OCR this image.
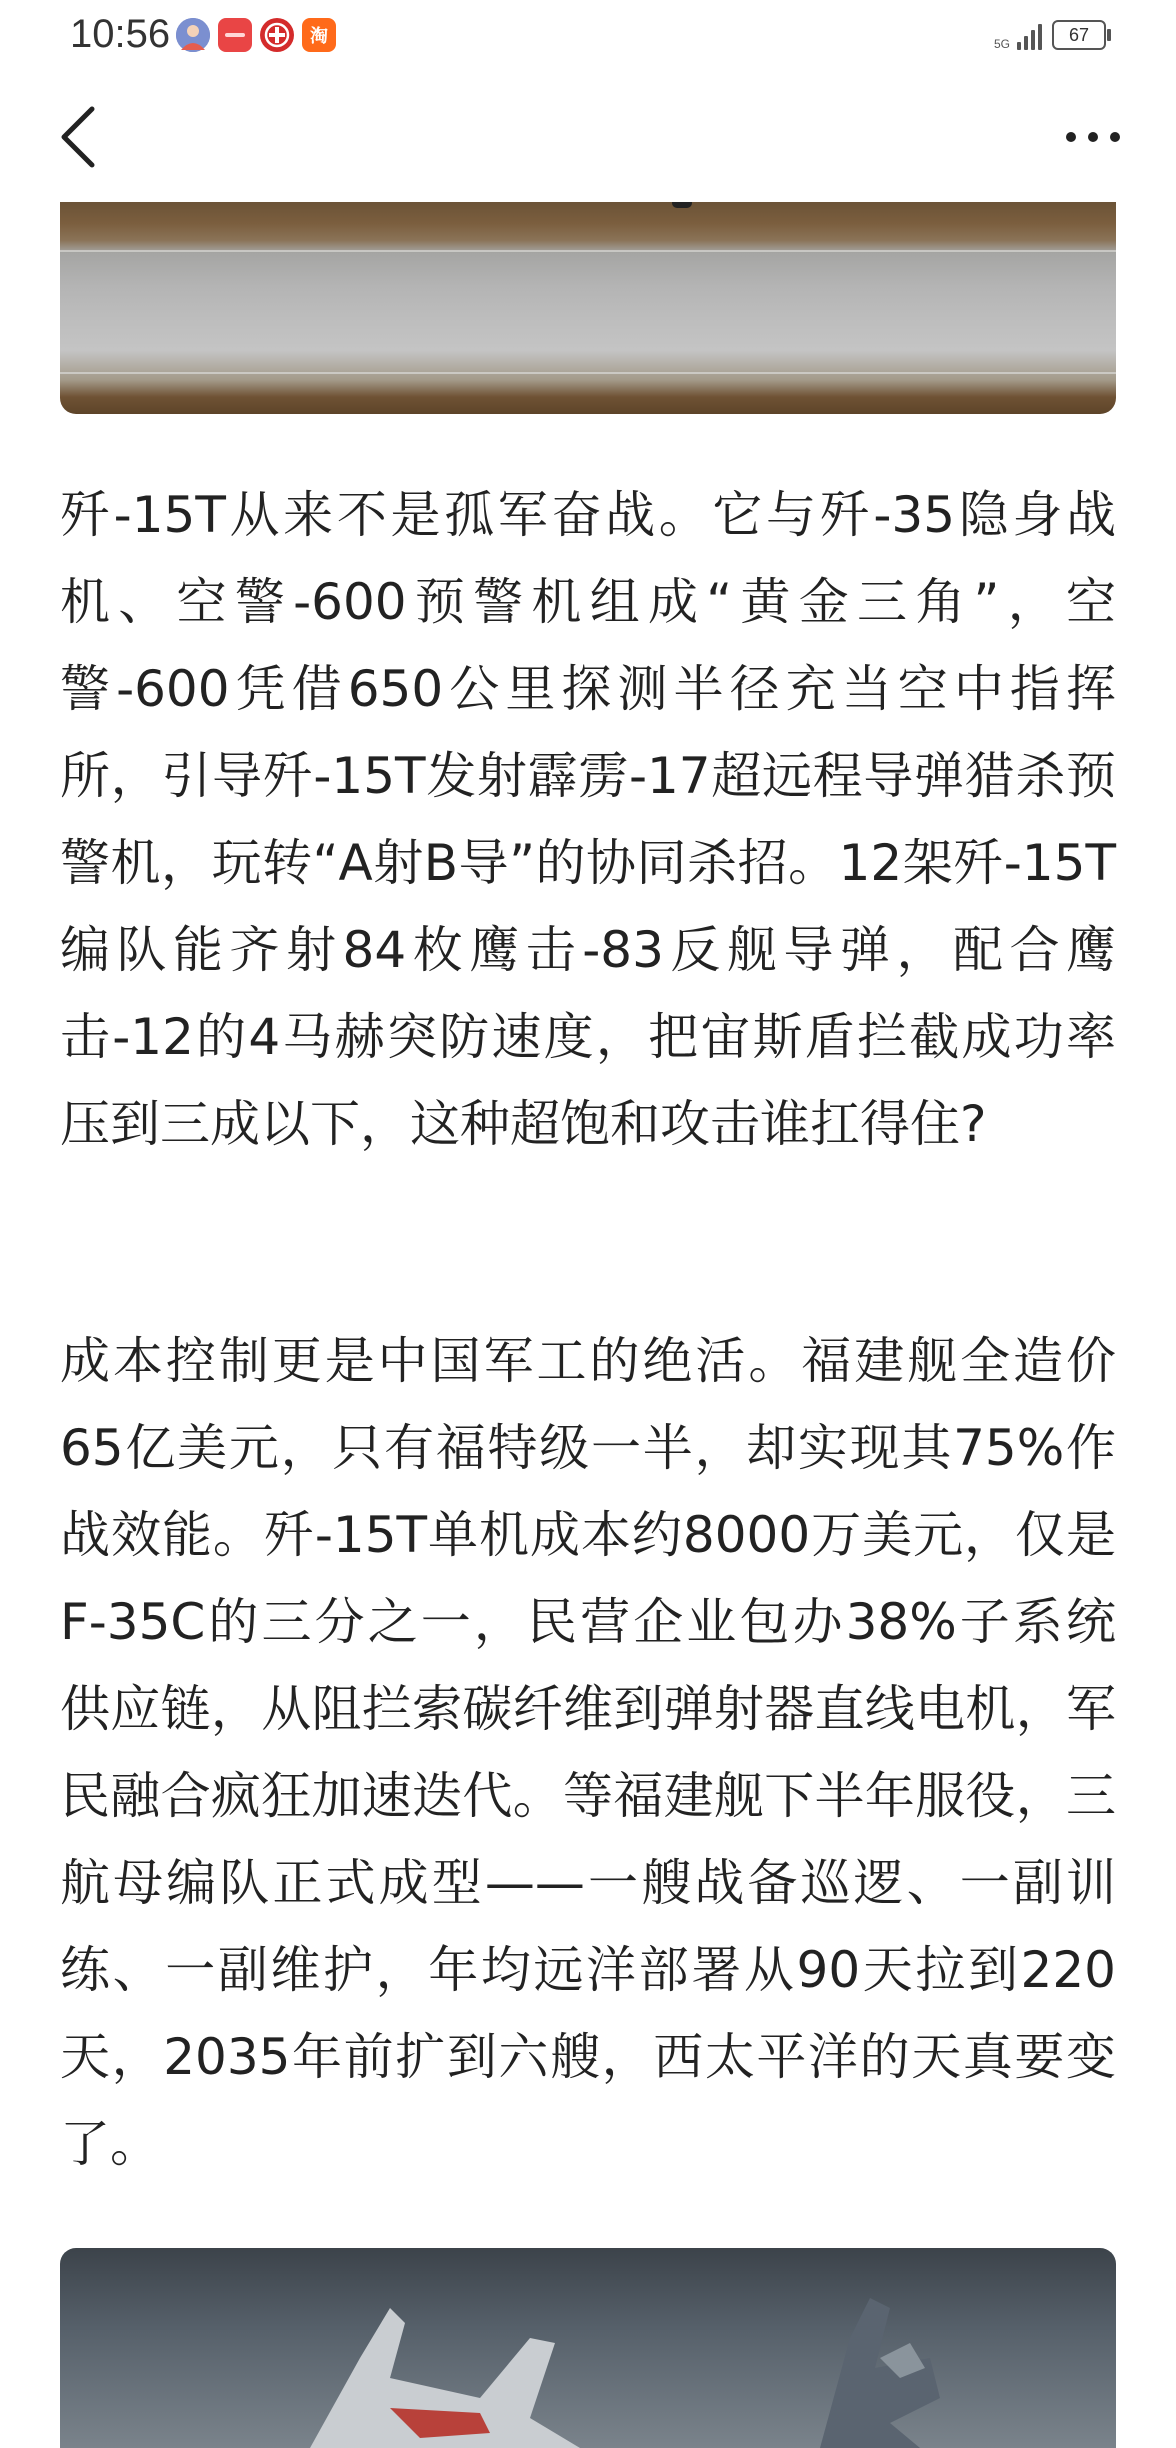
10:56	淘	5G	67

歼-15T从来不是孤军奋战。它与歼-35隐身战机、空警-600预警机组成“黄金三角”，空警-600凭借650公里探测半径充当空中指挥所，引导歼-15T发射霹雳-17超远程导弹猎杀预警机，玩转“A射B导”的协同杀招。12架歼-15T编队能齐射84枚鹰击-83反舰导弹，配合鹰击-12的4马赫突防速度，把宙斯盾拦截成功率压到三成以下，这种超饱和攻击谁扛得住?

成本控制更是中国军工的绝活。福建舰全造价65亿美元，只有福特级一半，却实现其75%作战效能。歼-15T单机成本约8000万美元，仅是F-35C的三分之一，民营企业包办38%子系统供应链，从阻拦索碳纤维到弹射器直线电机，军民融合疯狂加速迭代。等福建舰下半年服役，三航母编队正式成型——一艘战备巡逻、一副训练、一副维护，年均远洋部署从90天拉到220天，2035年前扩到六艘，西太平洋的天真要变了。
